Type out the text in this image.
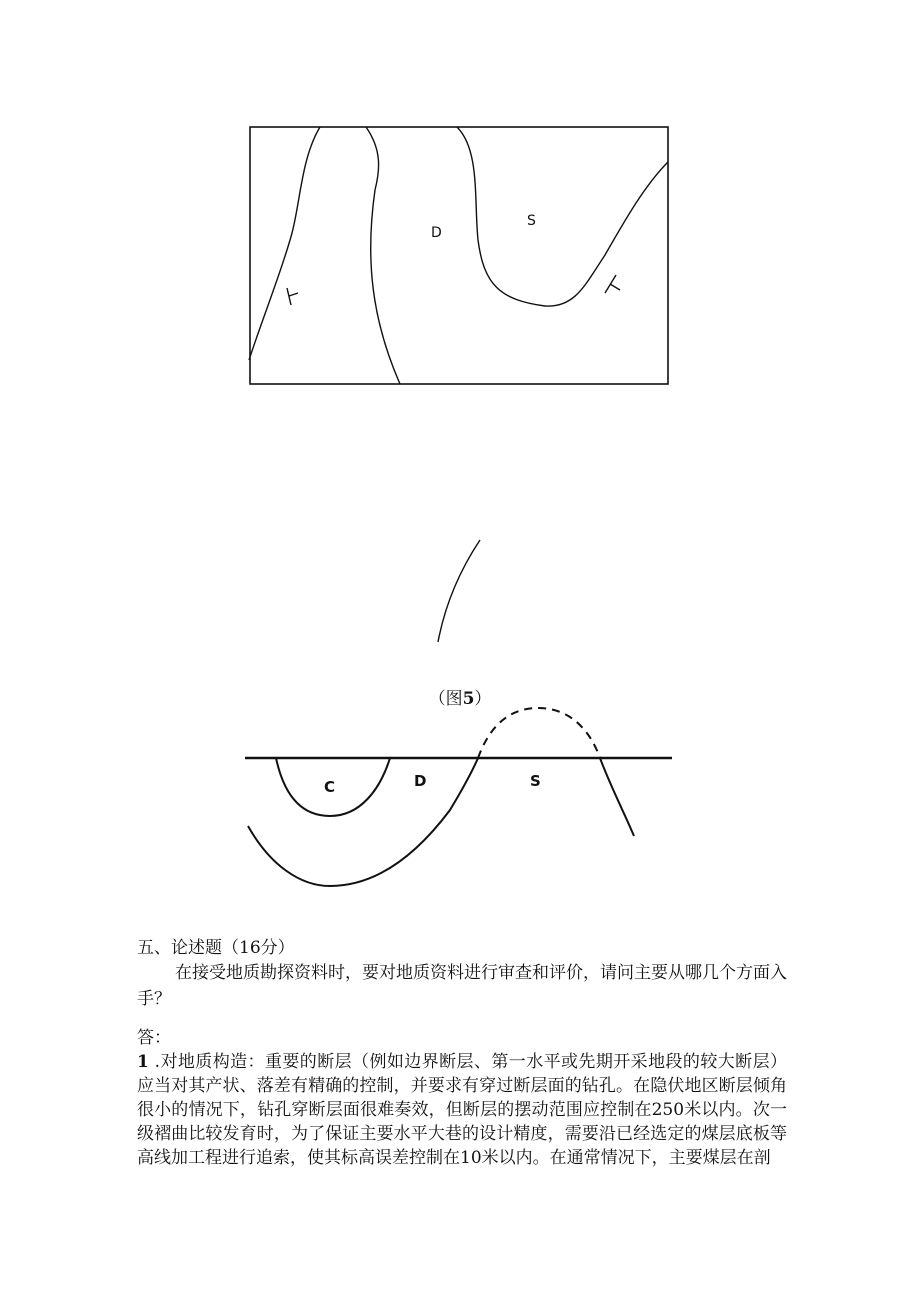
D
S
C	D	S
（图5）
五、论述题（16分）
在接受地质勘探资料时，要对地质资料进行审查和评价，请问主要从哪几个方面入手？
答：
1 .对地质构造：重要的断层（例如边界断层、第一水平或先期开采地段的较大断层）应当对其产状、落差有精确的控制，并要求有穿过断层面的钻孔。在隐伏地区断层倾角很小的情况下，钻孔穿断层面很难奏效，但断层的摆动范围应控制在250米以内。次一级褶曲比较发育时，为了保证主要水平大巷的设计精度，需要沿已经选定的煤层底板等高线加工程进行追索，使其标高误差控制在10米以内。在通常情况下，主要煤层在剖
